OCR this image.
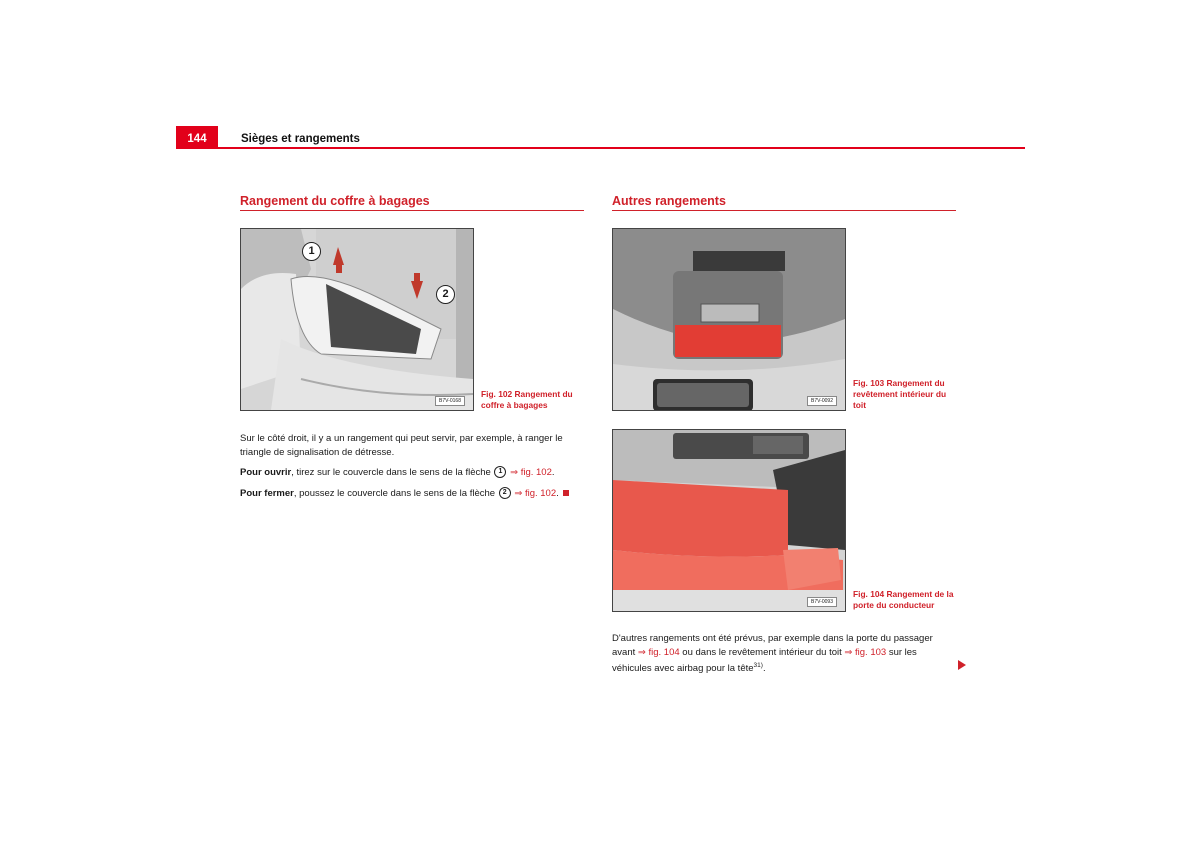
144	Sièges et rangements
Rangement du coffre à bagages
1
2
B7V-0168
Fig. 102 Rangement du coffre à bagages

Sur le côté droit, il y a un rangement qui peut servir, par exemple, à ranger le triangle de signalisation de détresse.

Pour ouvrir, tirez sur le couvercle dans le sens de la flèche 1 ⇒ fig. 102.

Pour fermer, poussez le couvercle dans le sens de la flèche 2 ⇒ fig. 102.

Autres rangements
B7V-0092
Fig. 103 Rangement du revêtement intérieur du toit
B7V-0093
Fig. 104 Rangement de la porte du conducteur

D'autres rangements ont été prévus, par exemple dans la porte du passager avant ⇒ fig. 104 ou dans le revêtement intérieur du toit ⇒ fig. 103 sur les véhicules avec airbag pour la tête$^{31)}$.
